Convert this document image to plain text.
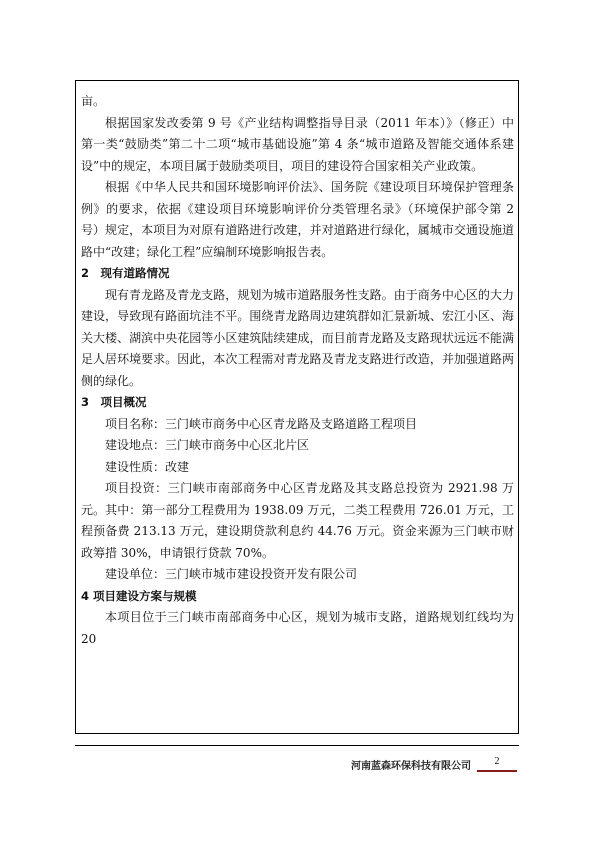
亩。

根据国家发改委第 9 号《产业结构调整指导目录（2011 年本）》（修正）中第一类“鼓励类”第二十二项“城市基础设施”第 4 条“城市道路及智能交通体系建设”中的规定，本项目属于鼓励类项目，项目的建设符合国家相关产业政策。

根据《中华人民共和国环境影响评价法》、国务院《建设项目环境保护管理条例》的要求，依据《建设项目环境影响评价分类管理名录》（环境保护部令第 2 号）规定，本项目为对原有道路进行改建，并对道路进行绿化，属城市交通设施道路中“改建；绿化工程”应编制环境影响报告表。

2　现有道路情况

现有青龙路及青龙支路，规划为城市道路服务性支路。由于商务中心区的大力建设，导致现有路面坑洼不平。围绕青龙路周边建筑群如汇景新城、宏江小区、海关大楼、湖滨中央花园等小区建筑陆续建成，而目前青龙路及支路现状远远不能满足人居环境要求。因此，本次工程需对青龙路及青龙支路进行改造，并加强道路两侧的绿化。

3　项目概况

项目名称：三门峡市商务中心区青龙路及支路道路工程项目

建设地点：三门峡市商务中心区北片区

建设性质：改建

项目投资：三门峡市南部商务中心区青龙路及其支路总投资为 2921.98 万元。其中：第一部分工程费用为 1938.09 万元，二类工程费用 726.01 万元，工程预备费 213.13 万元，建设期贷款利息约 44.76 万元。资金来源为三门峡市财政筹措 30%，申请银行贷款 70%。

建设单位：三门峡市城市建设投资开发有限公司

4 项目建设方案与规模

本项目位于三门峡市南部商务中心区，规划为城市支路，道路规划红线均为 20

河南蓝森环保科技有限公司	2
